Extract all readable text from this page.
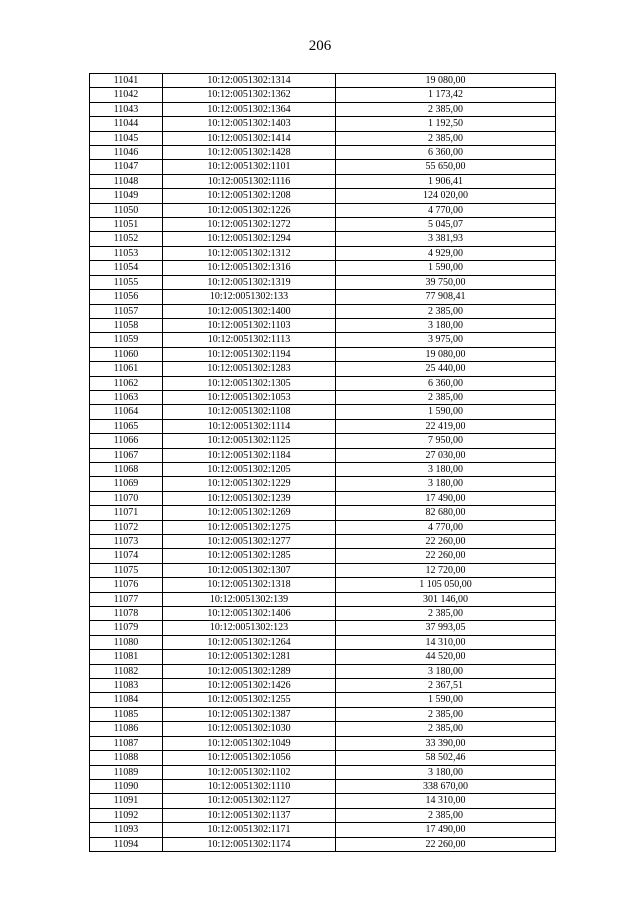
206
11041	10:12:0051302:1314	19 080,00
11042	10:12:0051302:1362	1 173,42
11043	10:12:0051302:1364	2 385,00
11044	10:12:0051302:1403	1 192,50
11045	10:12:0051302:1414	2 385,00
11046	10:12:0051302:1428	6 360,00
11047	10:12:0051302:1101	55 650,00
11048	10:12:0051302:1116	1 906,41
11049	10:12:0051302:1208	124 020,00
11050	10:12:0051302:1226	4 770,00
11051	10:12:0051302:1272	5 045,07
11052	10:12:0051302:1294	3 381,93
11053	10:12:0051302:1312	4 929,00
11054	10:12:0051302:1316	1 590,00
11055	10:12:0051302:1319	39 750,00
11056	10:12:0051302:133	77 908,41
11057	10:12:0051302:1400	2 385,00
11058	10:12:0051302:1103	3 180,00
11059	10:12:0051302:1113	3 975,00
11060	10:12:0051302:1194	19 080,00
11061	10:12:0051302:1283	25 440,00
11062	10:12:0051302:1305	6 360,00
11063	10:12:0051302:1053	2 385,00
11064	10:12:0051302:1108	1 590,00
11065	10:12:0051302:1114	22 419,00
11066	10:12:0051302:1125	7 950,00
11067	10:12:0051302:1184	27 030,00
11068	10:12:0051302:1205	3 180,00
11069	10:12:0051302:1229	3 180,00
11070	10:12:0051302:1239	17 490,00
11071	10:12:0051302:1269	82 680,00
11072	10:12:0051302:1275	4 770,00
11073	10:12:0051302:1277	22 260,00
11074	10:12:0051302:1285	22 260,00
11075	10:12:0051302:1307	12 720,00
11076	10:12:0051302:1318	1 105 050,00
11077	10:12:0051302:139	301 146,00
11078	10:12:0051302:1406	2 385,00
11079	10:12:0051302:123	37 993,05
11080	10:12:0051302:1264	14 310,00
11081	10:12:0051302:1281	44 520,00
11082	10:12:0051302:1289	3 180,00
11083	10:12:0051302:1426	2 367,51
11084	10:12:0051302:1255	1 590,00
11085	10:12:0051302:1387	2 385,00
11086	10:12:0051302:1030	2 385,00
11087	10:12:0051302:1049	33 390,00
11088	10:12:0051302:1056	58 502,46
11089	10:12:0051302:1102	3 180,00
11090	10:12:0051302:1110	338 670,00
11091	10:12:0051302:1127	14 310,00
11092	10:12:0051302:1137	2 385,00
11093	10:12:0051302:1171	17 490,00
11094	10:12:0051302:1174	22 260,00
